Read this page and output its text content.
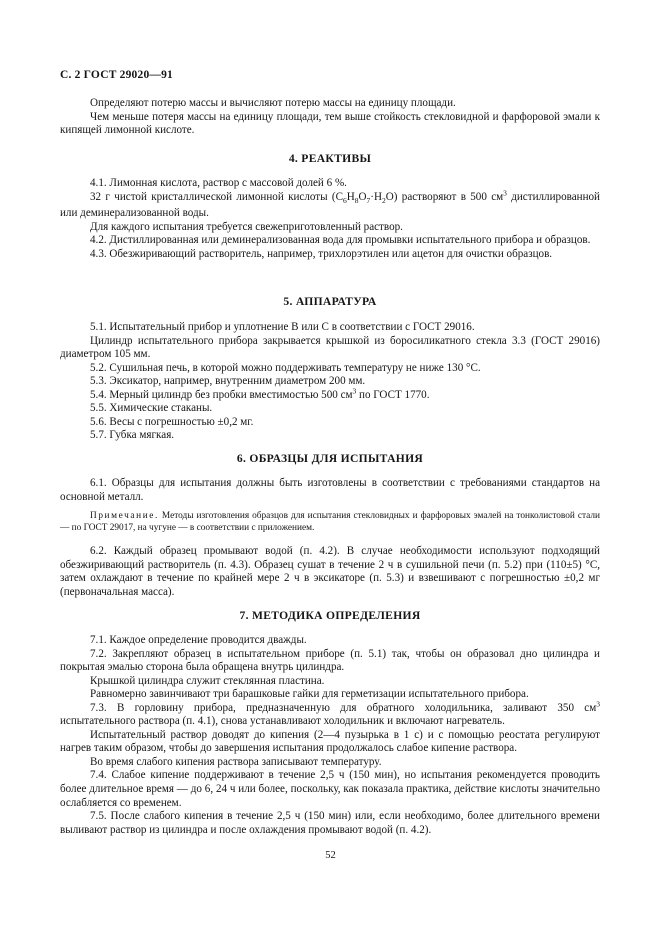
С. 2 ГОСТ 29020—91

Определяют потерю массы и вычисляют потерю массы на единицу площади.

Чем меньше потеря массы на единицу площади, тем выше стойкость стекловидной и фарфоровой эмали к кипящей лимонной кислоте.

4. РЕАКТИВЫ

4.1. Лимонная кислота, раствор с массовой долей 6 %.

32 г чистой кристаллической лимонной кислоты $(C_6H_8O_7\cdot H_2O)$ растворяют в 500 $см^3$ дистиллированной или деминерализованной воды.

Для каждого испытания требуется свежеприготовленный раствор.

4.2. Дистиллированная или деминерализованная вода для промывки испытательного прибора и образцов.

4.3. Обезжиривающий растворитель, например, трихлорэтилен или ацетон для очистки образцов.

5. АППАРАТУРА

5.1. Испытательный прибор и уплотнение В или С в соответствии с ГОСТ 29016.

Цилиндр испытательного прибора закрывается крышкой из боросиликатного стекла 3.3 (ГОСТ 29016) диаметром 105 мм.

5.2. Сушильная печь, в которой можно поддерживать температуру не ниже 130 °С.

5.3. Эксикатор, например, внутренним диаметром 200 мм.

5.4. Мерный цилиндр без пробки вместимостью 500 $см^3$ по ГОСТ 1770.

5.5. Химические стаканы.

5.6. Весы с погрешностью ±0,2 мг.

5.7. Губка мягкая.

6. ОБРАЗЦЫ ДЛЯ ИСПЫТАНИЯ

6.1. Образцы для испытания должны быть изготовлены в соответствии с требованиями стандартов на основной металл.

Примечание. Методы изготовления образцов для испытания стекловидных и фарфоровых эмалей на тонколистовой стали — по ГОСТ 29017, на чугуне — в соответствии с приложением.

6.2. Каждый образец промывают водой (п. 4.2). В случае необходимости используют подходящий обезжиривающий растворитель (п. 4.3). Образец сушат в течение 2 ч в сушильной печи (п. 5.2) при (110±5) °С, затем охлаждают в течение по крайней мере 2 ч в эксикаторе (п. 5.3) и взвешивают с погрешностью ±0,2 мг (первоначальная масса).

7. МЕТОДИКА ОПРЕДЕЛЕНИЯ

7.1. Каждое определение проводится дважды.

7.2. Закрепляют образец в испытательном приборе (п. 5.1) так, чтобы он образовал дно цилиндра и покрытая эмалью сторона была обращена внутрь цилиндра.

Крышкой цилиндра служит стеклянная пластина.

Равномерно завинчивают три барашковые гайки для герметизации испытательного прибора.

7.3. В горловину прибора, предназначенную для обратного холодильника, заливают 350 $см^3$ испытательного раствора (п. 4.1), снова устанавливают холодильник и включают нагреватель.

Испытательный раствор доводят до кипения (2—4 пузырька в 1 с) и с помощью реостата регулируют нагрев таким образом, чтобы до завершения испытания продолжалось слабое кипение раствора.

Во время слабого кипения раствора записывают температуру.

7.4. Слабое кипение поддерживают в течение 2,5 ч (150 мин), но испытания рекомендуется проводить более длительное время — до 6, 24 ч или более, поскольку, как показала практика, действие кислоты значительно ослабляется со временем.

7.5. После слабого кипения в течение 2,5 ч (150 мин) или, если необходимо, более длительного времени выливают раствор из цилиндра и после охлаждения промывают водой (п. 4.2).

52
